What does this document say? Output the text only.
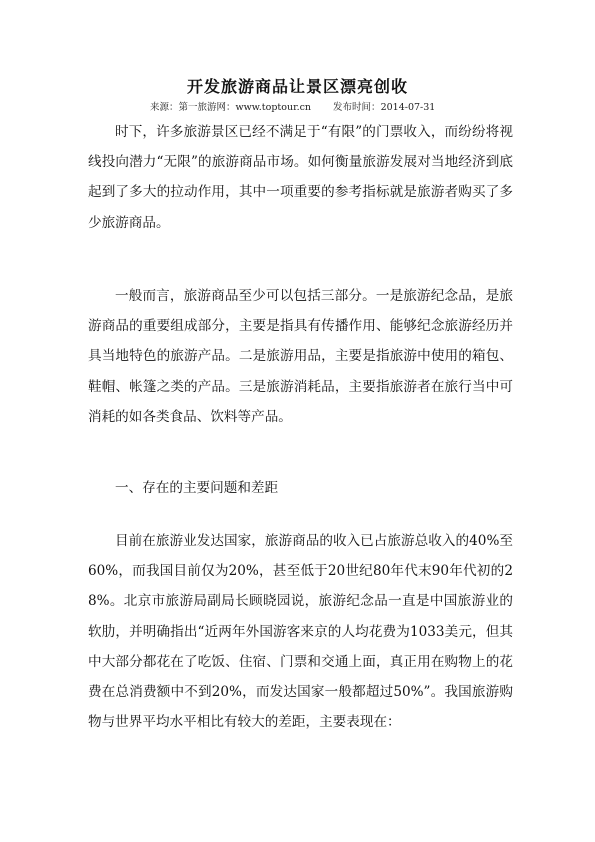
开发旅游商品让景区漂亮创收
来源：第一旅游网：www.toptour.cn 发布时间：2014-07-31

时下，许多旅游景区已经不满足于“有限”的门票收入，而纷纷将视线投向潜力“无限”的旅游商品市场。如何衡量旅游发展对当地经济到底起到了多大的拉动作用，其中一项重要的参考指标就是旅游者购买了多少旅游商品。

一般而言，旅游商品至少可以包括三部分。一是旅游纪念品，是旅游商品的重要组成部分，主要是指具有传播作用、能够纪念旅游经历并具当地特色的旅游产品。二是旅游用品，主要是指旅游中使用的箱包、鞋帽、帐篷之类的产品。三是旅游消耗品，主要指旅游者在旅行当中可消耗的如各类食品、饮料等产品。

一、存在的主要问题和差距

目前在旅游业发达国家，旅游商品的收入已占旅游总收入的40%至60%，而我国目前仅为20%，甚至低于20世纪80年代末90年代初的28%。北京市旅游局副局长顾晓园说，旅游纪念品一直是中国旅游业的软肋，并明确指出“近两年外国游客来京的人均花费为1033美元，但其中大部分都花在了吃饭、住宿、门票和交通上面，真正用在购物上的花费在总消费额中不到20%，而发达国家一般都超过50%”。我国旅游购物与世界平均水平相比有较大的差距，主要表现在：
